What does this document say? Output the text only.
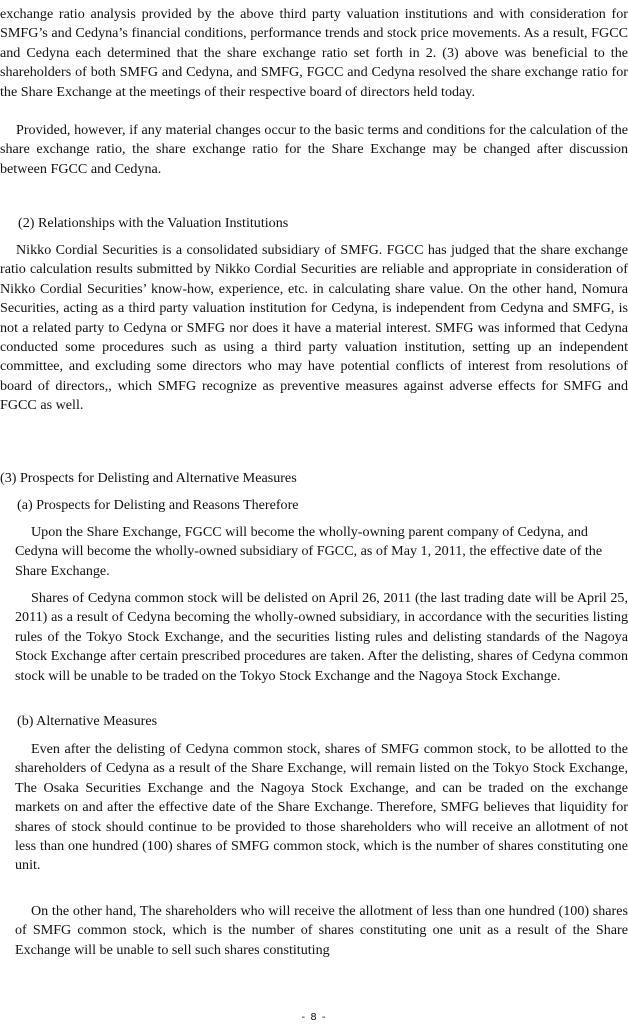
exchange ratio analysis provided by the above third party valuation institutions and with consideration for SMFG’s and Cedyna’s financial conditions, performance trends and stock price movements. As a result, FGCC and Cedyna each determined that the share exchange ratio set forth in 2. (3) above was beneficial to the shareholders of both SMFG and Cedyna, and SMFG, FGCC and Cedyna resolved the share exchange ratio for the Share Exchange at the meetings of their respective board of directors held today.

Provided, however, if any material changes occur to the basic terms and conditions for the calculation of the share exchange ratio, the share exchange ratio for the Share Exchange may be changed after discussion between FGCC and Cedyna.

(2) Relationships with the Valuation Institutions

Nikko Cordial Securities is a consolidated subsidiary of SMFG. FGCC has judged that the share exchange ratio calculation results submitted by Nikko Cordial Securities are reliable and appropriate in consideration of Nikko Cordial Securities’ know-how, experience, etc. in calculating share value. On the other hand, Nomura Securities, acting as a third party valuation institution for Cedyna, is independent from Cedyna and SMFG, is not a related party to Cedyna or SMFG nor does it have a material interest. SMFG was informed that Cedyna conducted some procedures such as using a third party valuation institution, setting up an independent committee, and excluding some directors who may have potential conflicts of interest from resolutions of board of directors,, which SMFG recognize as preventive measures against adverse effects for SMFG and FGCC as well.

(3) Prospects for Delisting and Alternative Measures
(a) Prospects for Delisting and Reasons Therefore

Upon the Share Exchange, FGCC will become the wholly-owning parent company of Cedyna, and Cedyna will become the wholly-owned subsidiary of FGCC, as of May 1, 2011, the effective date of the Share Exchange.

Shares of Cedyna common stock will be delisted on April 26, 2011 (the last trading date will be April 25, 2011) as a result of Cedyna becoming the wholly-owned subsidiary, in accordance with the securities listing rules of the Tokyo Stock Exchange, and the securities listing rules and delisting standards of the Nagoya Stock Exchange after certain prescribed procedures are taken. After the delisting, shares of Cedyna common stock will be unable to be traded on the Tokyo Stock Exchange and the Nagoya Stock Exchange.

(b) Alternative Measures

Even after the delisting of Cedyna common stock, shares of SMFG common stock, to be allotted to the shareholders of Cedyna as a result of the Share Exchange, will remain listed on the Tokyo Stock Exchange, The Osaka Securities Exchange and the Nagoya Stock Exchange, and can be traded on the exchange markets on and after the effective date of the Share Exchange. Therefore, SMFG believes that liquidity for shares of stock should continue to be provided to those shareholders who will receive an allotment of not less than one hundred (100) shares of SMFG common stock, which is the number of shares constituting one unit.

On the other hand, The shareholders who will receive the allotment of less than one hundred (100) shares of SMFG common stock, which is the number of shares constituting one unit as a result of the Share Exchange will be unable to sell such shares constituting

- 8 -
